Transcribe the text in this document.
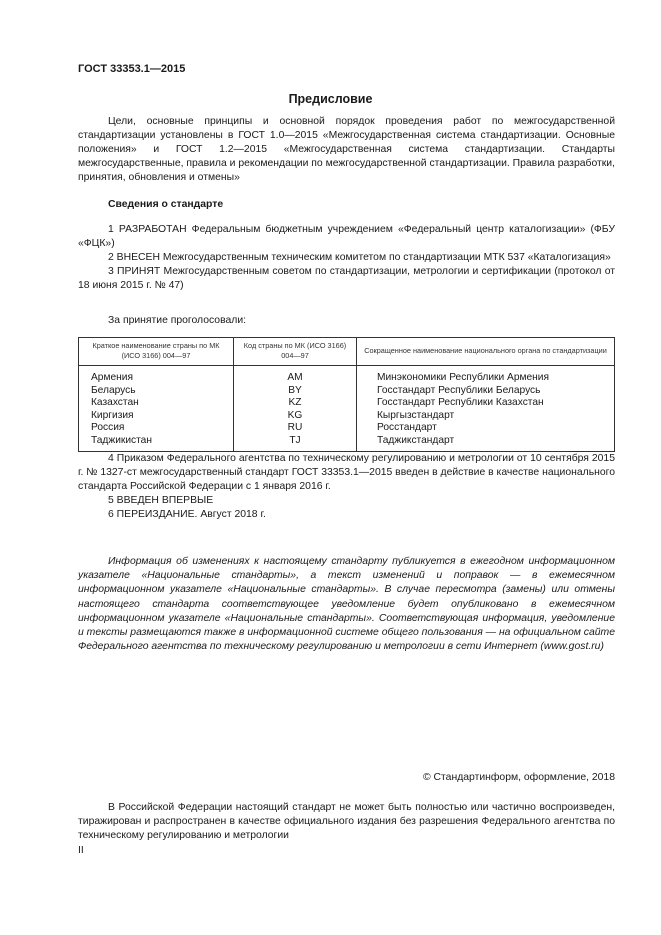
ГОСТ 33353.1—2015
Предисловие
Цели, основные принципы и основной порядок проведения работ по межгосударственной стандартизации установлены в ГОСТ 1.0—2015 «Межгосударственная система стандартизации. Основные положения» и ГОСТ 1.2—2015 «Межгосударственная система стандартизации. Стандарты межгосударственные, правила и рекомендации по межгосударственной стандартизации. Правила разработки, принятия, обновления и отмены»
Сведения о стандарте

1 РАЗРАБОТАН Федеральным бюджетным учреждением «Федеральный центр каталогизации» (ФБУ «ФЦК»)

2 ВНЕСЕН Межгосударственным техническим комитетом по стандартизации МТК 537 «Каталогизация»

3 ПРИНЯТ Межгосударственным советом по стандартизации, метрологии и сертификации (протокол от 18 июня 2015 г. № 47)

За принятие проголосовали:
Краткое наименование страны по МК (ИСО 3166) 004—97	Код страны по МК (ИСО 3166) 004—97	Сокращенное наименование национального органа по стандартизации
Армения	AM	Минэкономики Республики Армения
Беларусь	BY	Госстандарт Республики Беларусь
Казахстан	KZ	Госстандарт Республики Казахстан
Киргизия	KG	Кыргызстандарт
Россия	RU	Росстандарт
Таджикистан	TJ	Таджикстандарт

4 Приказом Федерального агентства по техническому регулированию и метрологии от 10 сентября 2015 г. № 1327-ст межгосударственный стандарт ГОСТ 33353.1—2015 введен в действие в качестве национального стандарта Российской Федерации с 1 января 2016 г.

5 ВВЕДЕН ВПЕРВЫЕ

6 ПЕРЕИЗДАНИЕ. Август 2018 г.

Информация об изменениях к настоящему стандарту публикуется в ежегодном информационном указателе «Национальные стандарты», а текст изменений и поправок — в ежемесячном информационном указателе «Национальные стандарты». В случае пересмотра (замены) или отмены настоящего стандарта соответствующее уведомление будет опубликовано в ежемесячном информационном указателе «Национальные стандарты». Соответствующая информация, уведомление и тексты размещаются также в информационной системе общего пользования — на официальном сайте Федерального агентства по техническому регулированию и метрологии в сети Интернет (www.gost.ru)
© Стандартинформ, оформление, 2018
В Российской Федерации настоящий стандарт не может быть полностью или частично воспроизведен, тиражирован и распространен в качестве официального издания без разрешения Федерального агентства по техническому регулированию и метрологии
II
